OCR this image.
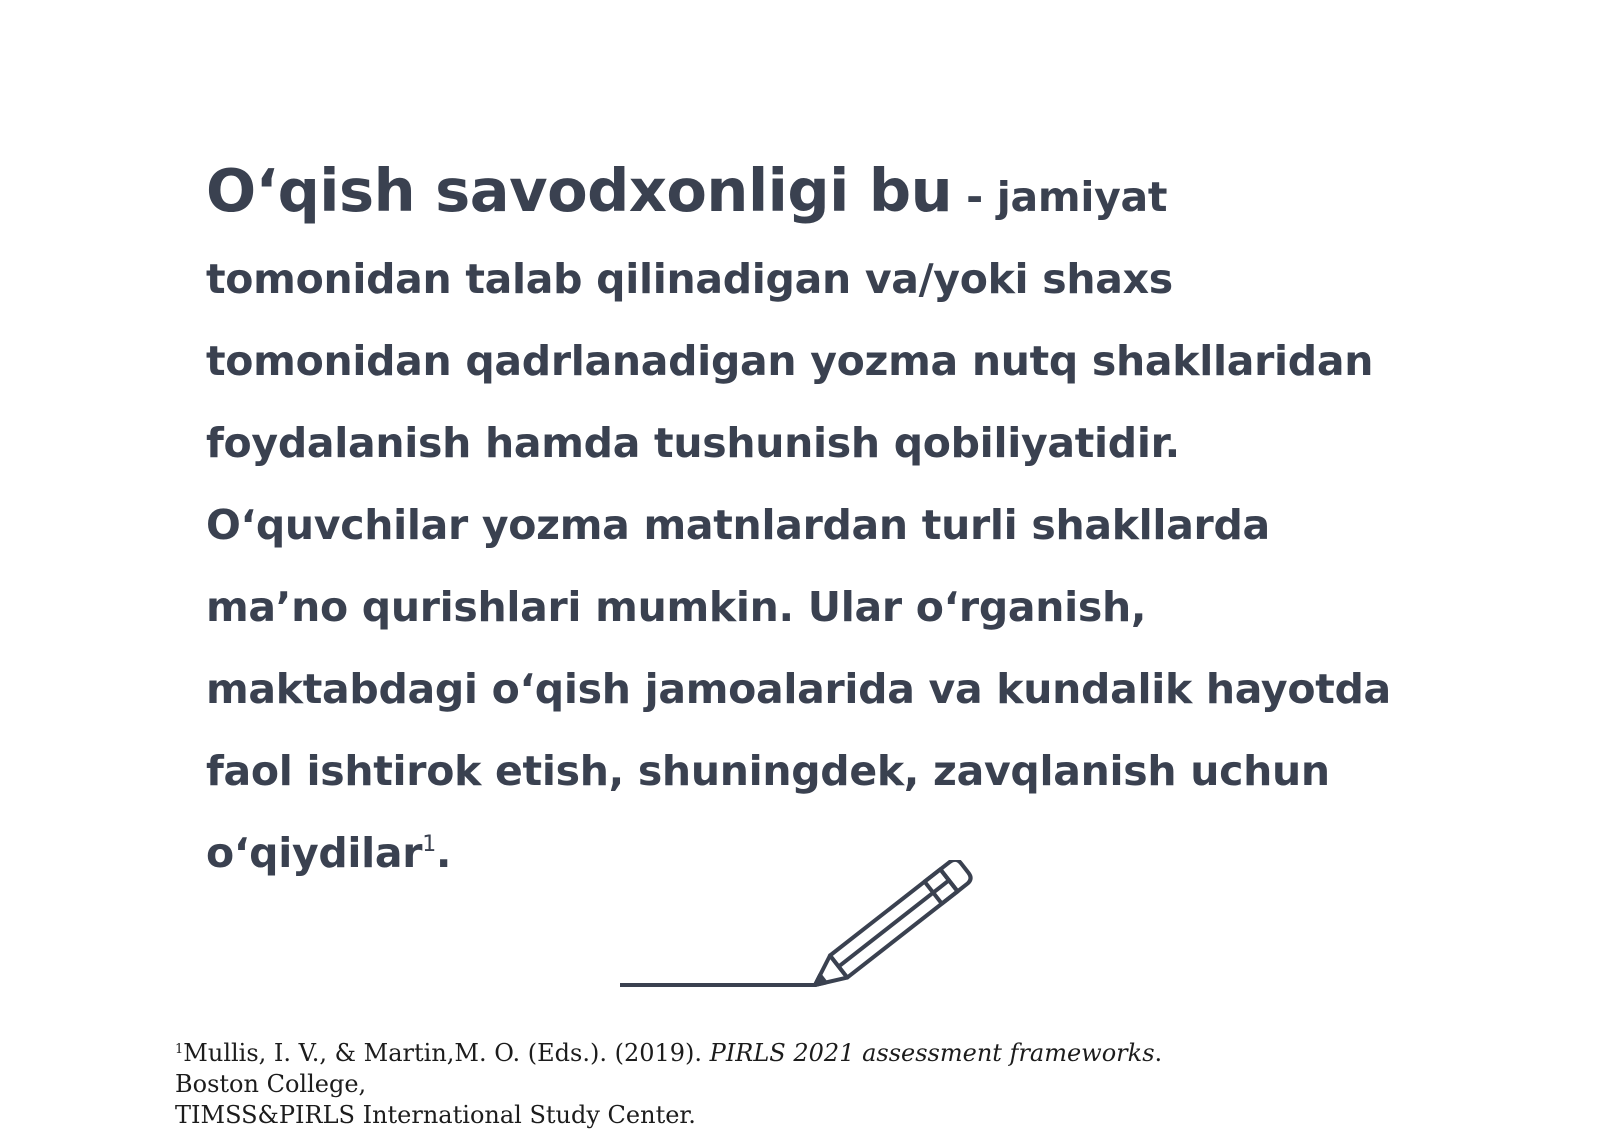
O‘qish savodxonligi bu - jamiyat tomonidan talab qilinadigan va/yoki shaxs tomonidan qadrlanadigan yozma nutq shakllaridan foydalanish hamda tushunish qobiliyatidir. O‘quvchilar yozma matnlardan turli shakllarda ma’no qurishlari mumkin. Ular o‘rganish, maktabdagi o‘qish jamoalarida va kundalik hayotda faol ishtirok etish, shuningdek, zavqlanish uchun o‘qiydilar$^1$.

$^1$Mullis, I. V., & Martin,M. O. (Eds.). (2019). PIRLS 2021 assessment frameworks. Boston College,
TIMSS&PIRLS International Study Center.
